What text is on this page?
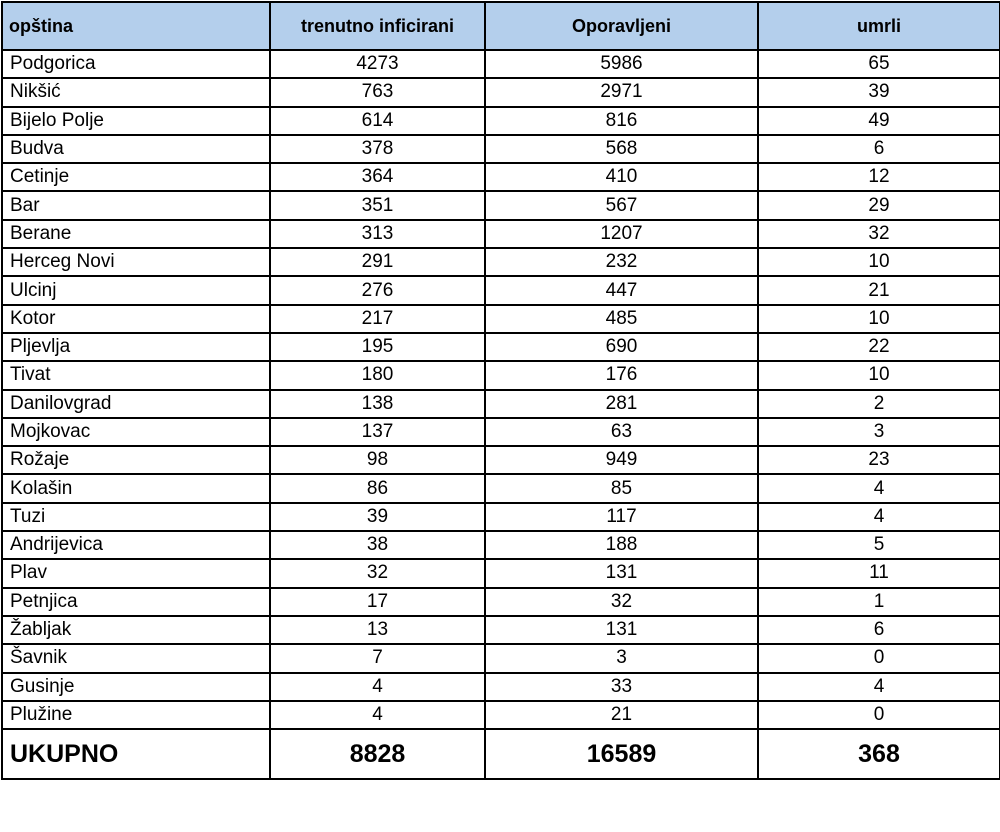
opština	trenutno inficirani	Oporavljeni	umrli
Podgorica	4273	5986	65
Nikšić	763	2971	39
Bijelo Polje	614	816	49
Budva	378	568	6
Cetinje	364	410	12
Bar	351	567	29
Berane	313	1207	32
Herceg Novi	291	232	10
Ulcinj	276	447	21
Kotor	217	485	10
Pljevlja	195	690	22
Tivat	180	176	10
Danilovgrad	138	281	2
Mojkovac	137	63	3
Rožaje	98	949	23
Kolašin	86	85	4
Tuzi	39	117	4
Andrijevica	38	188	5
Plav	32	131	11
Petnjica	17	32	1
Žabljak	13	131	6
Šavnik	7	3	0
Gusinje	4	33	4
Plužine	4	21	0
UKUPNO	8828	16589	368
